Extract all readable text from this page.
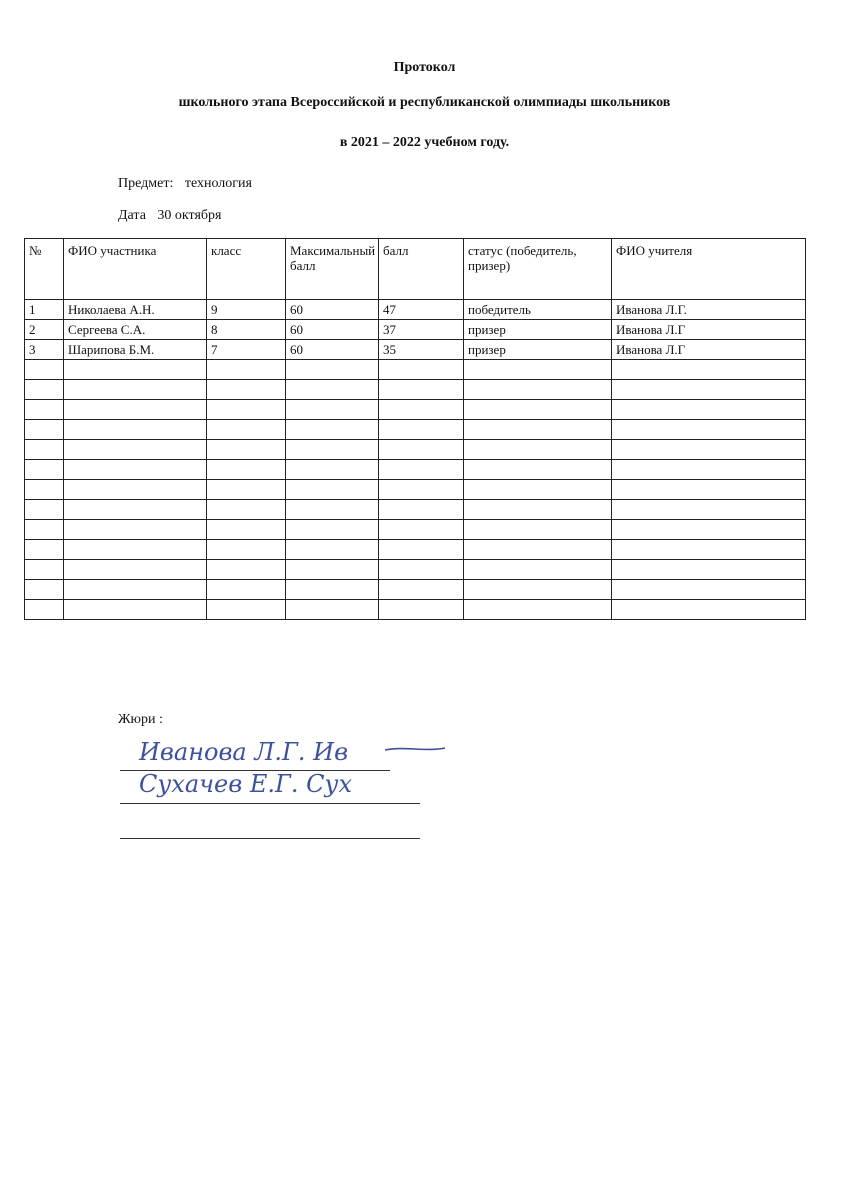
Протокол
школьного этапа Всероссийской и республиканской олимпиады школьников
в 2021 – 2022 учебном году.
Предмет: технология
Дата 30 октября
№	ФИО участника	класс	Максимальный балл	балл	статус (победитель, призер)	ФИО учителя
1	Николаева А.Н.	9	60	47	победитель	Иванова Л.Г.
2	Сергеева С.А.	8	60	37	призер	Иванова Л.Г
3	Шарипова Б.М.	7	60	35	призер	Иванова Л.Г

Жюри :
Иванова Л.Г. Ив
Сухачев Е.Г. Сух
